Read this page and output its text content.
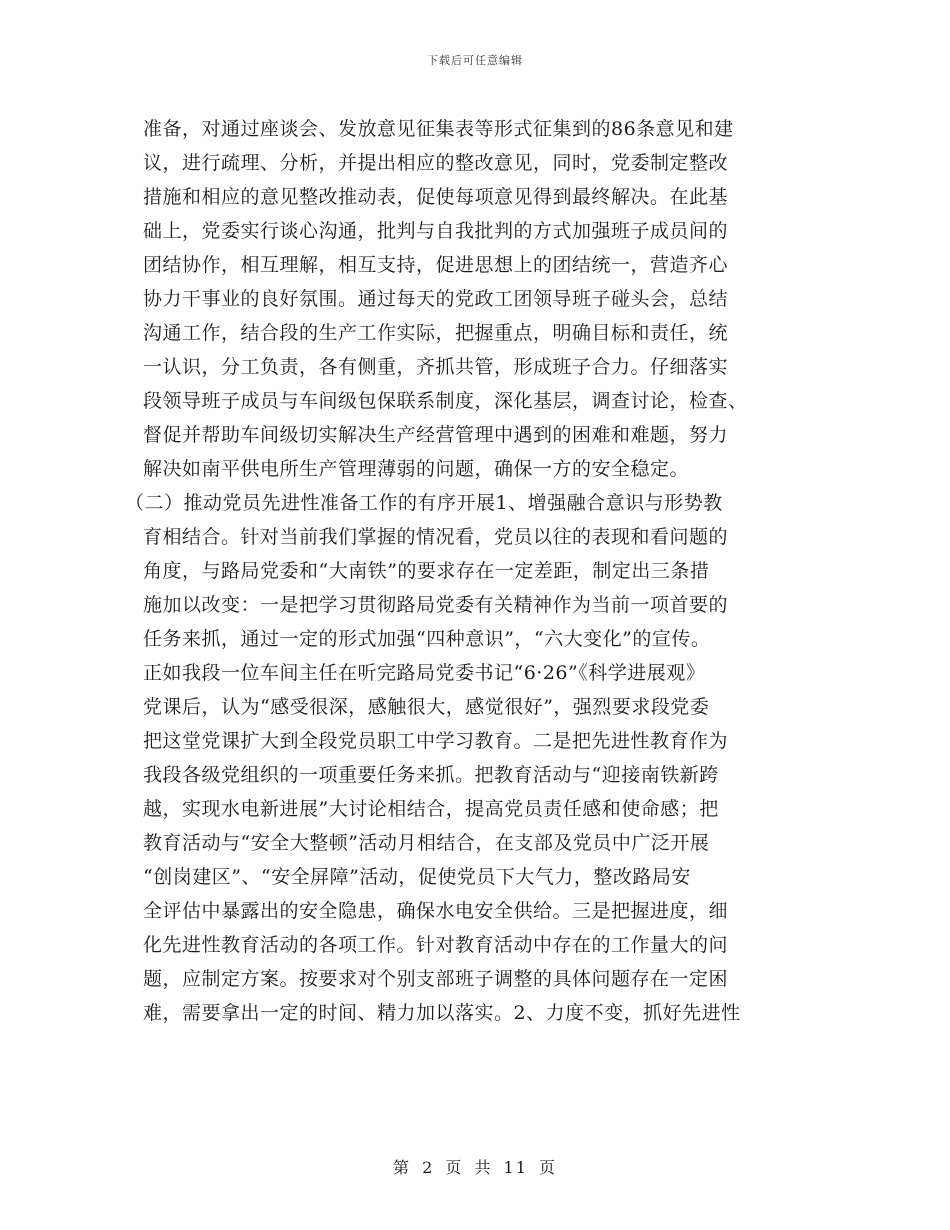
下载后可任意编辑
准备，对通过座谈会、发放意见征集表等形式征集到的86条意见和建
议，进行疏理、分析，并提出相应的整改意见，同时，党委制定整改
措施和相应的意见整改推动表，促使每项意见得到最终解决。在此基
础上，党委实行谈心沟通，批判与自我批判的方式加强班子成员间的
团结协作，相互理解，相互支持，促进思想上的团结统一，营造齐心
协力干事业的良好氛围。通过每天的党政工团领导班子碰头会，总结
沟通工作，结合段的生产工作实际，把握重点，明确目标和责任，统
一认识，分工负责，各有侧重，齐抓共管，形成班子合力。仔细落实
段领导班子成员与车间级包保联系制度，深化基层，调查讨论，检查、
督促并帮助车间级切实解决生产经营管理中遇到的困难和难题，努力
解决如南平供电所生产管理薄弱的问题，确保一方的安全稳定。
（二）推动党员先进性准备工作的有序开展1、增强融合意识与形势教
育相结合。针对当前我们掌握的情况看，党员以往的表现和看问题的
角度，与路局党委和“大南铁”的要求存在一定差距，制定出三条措
施加以改变：一是把学习贯彻路局党委有关精神作为当前一项首要的
任务来抓，通过一定的形式加强“四种意识”，“六大变化”的宣传。
正如我段一位车间主任在听完路局党委书记“6·26”《科学进展观》
党课后，认为“感受很深，感触很大，感觉很好”，强烈要求段党委
把这堂党课扩大到全段党员职工中学习教育。二是把先进性教育作为
我段各级党组织的一项重要任务来抓。把教育活动与“迎接南铁新跨
越，实现水电新进展”大讨论相结合，提高党员责任感和使命感；把
教育活动与“安全大整顿”活动月相结合，在支部及党员中广泛开展
“创岗建区”、“安全屏障”活动，促使党员下大气力，整改路局安
全评估中暴露出的安全隐患，确保水电安全供给。三是把握进度，细
化先进性教育活动的各项工作。针对教育活动中存在的工作量大的问
题，应制定方案。按要求对个别支部班子调整的具体问题存在一定困
难，需要拿出一定的时间、精力加以落实。2、力度不变，抓好先进性
第 2 页 共 11 页
